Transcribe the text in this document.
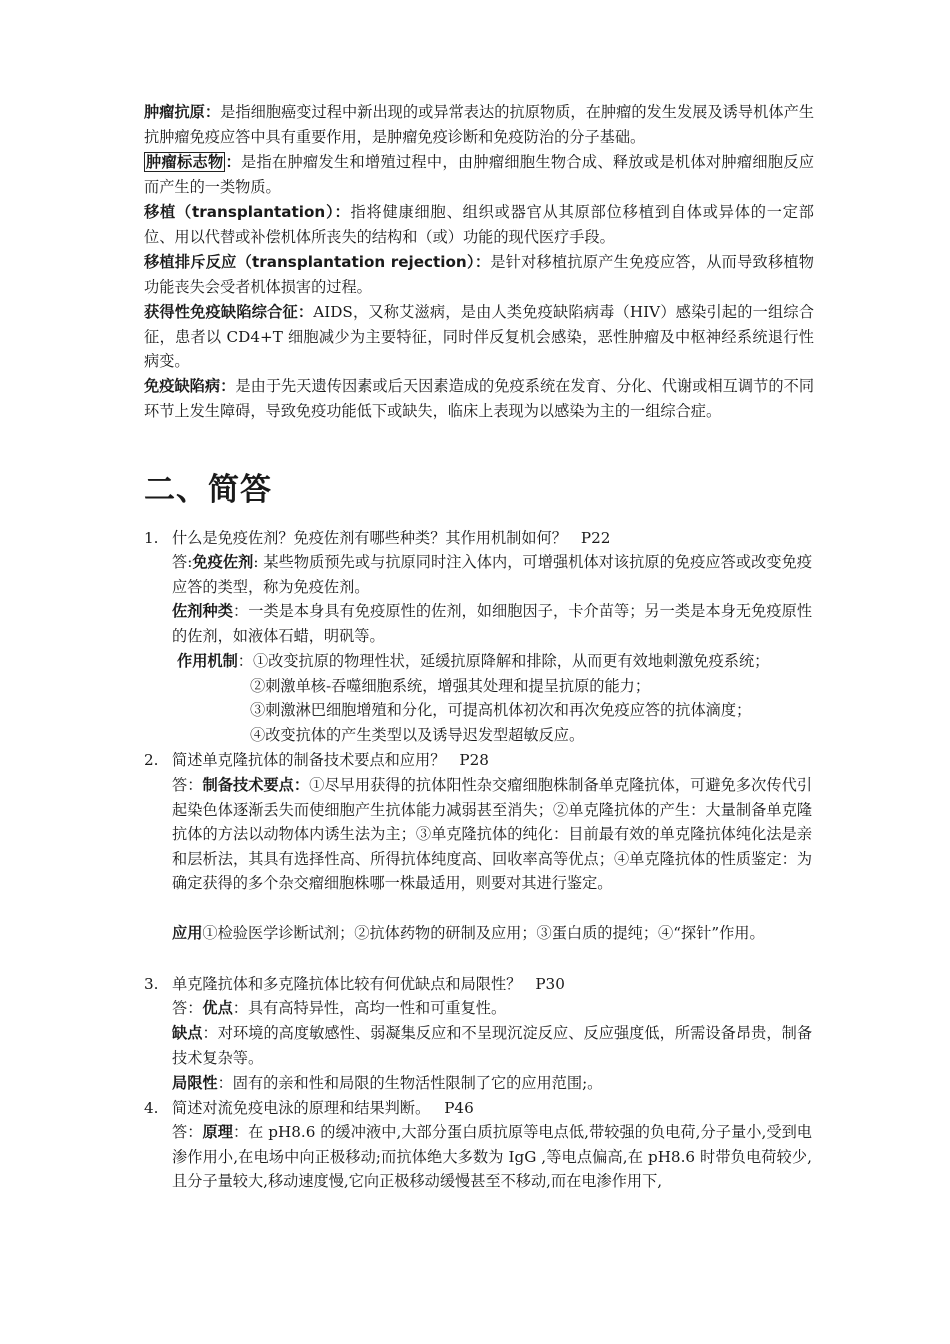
肿瘤抗原：是指细胞癌变过程中新出现的或异常表达的抗原物质，在肿瘤的发生发展及诱导机体产生抗肿瘤免疫应答中具有重要作用，是肿瘤免疫诊断和免疫防治的分子基础。

肿瘤标志物 ：是指在肿瘤发生和增殖过程中，由肿瘤细胞生物合成、释放或是机体对肿瘤细胞反应而产生的一类物质。

移植（transplantation）：指将健康细胞、组织或器官从其原部位移植到自体或异体的一定部位、用以代替或补偿机体所丧失的结构和（或）功能的现代医疗手段。

移植排斥反应（transplantation rejection）：是针对移植抗原产生免疫应答，从而导致移植物功能丧失会受者机体损害的过程。

获得性免疫缺陷综合征：AIDS，又称艾滋病，是由人类免疫缺陷病毒（HIV）感染引起的一组综合征，患者以 CD4+T 细胞减少为主要特征，同时伴反复机会感染，恶性肿瘤及中枢神经系统退行性病变。

免疫缺陷病：是由于先天遗传因素或后天因素造成的免疫系统在发育、分化、代谢或相互调节的不同环节上发生障碍，导致免疫功能低下或缺失，临床上表现为以感染为主的一组综合症。

二、简答

1. 什么是免疫佐剂？免疫佐剂有哪些种类？其作用机制如何？ P22

答:免疫佐剂: 某些物质预先或与抗原同时注入体内，可增强机体对该抗原的免疫应答或改变免疫应答的类型，称为免疫佐剂。

佐剂种类：一类是本身具有免疫原性的佐剂，如细胞因子，卡介苗等；另一类是本身无免疫原性的佐剂，如液体石蜡，明矾等。

作用机制：①改变抗原的物理性状，延缓抗原降解和排除，从而更有效地刺激免疫系统；

②刺激单核-吞噬细胞系统，增强其处理和提呈抗原的能力；

③刺激淋巴细胞增殖和分化，可提高机体初次和再次免疫应答的抗体滴度；

④改变抗体的产生类型以及诱导迟发型超敏反应。

2. 简述单克隆抗体的制备技术要点和应用？ P28

答：制备技术要点：①尽早用获得的抗体阳性杂交瘤细胞株制备单克隆抗体，可避免多次传代引起染色体逐渐丢失而使细胞产生抗体能力减弱甚至消失；②单克隆抗体的产生：大量制备单克隆抗体的方法以动物体内诱生法为主；③单克隆抗体的纯化：目前最有效的单克隆抗体纯化法是亲和层析法，其具有选择性高、所得抗体纯度高、回收率高等优点；④单克隆抗体的性质鉴定：为确定获得的多个杂交瘤细胞株哪一株最适用，则要对其进行鉴定。

应用①检验医学诊断试剂；②抗体药物的研制及应用；③蛋白质的提纯；④“探针”作用。

3. 单克隆抗体和多克隆抗体比较有何优缺点和局限性？ P30

答：优点：具有高特异性，高均一性和可重复性。

缺点：对环境的高度敏感性、弱凝集反应和不呈现沉淀反应、反应强度低，所需设备昂贵，制备技术复杂等。

局限性：固有的亲和性和局限的生物活性限制了它的应用范围;。

4. 简述对流免疫电泳的原理和结果判断。 P46

答：原理：在 pH8.6 的缓冲液中,大部分蛋白质抗原等电点低,带较强的负电荷,分子量小,受到电渗作用小,在电场中向正极移动;而抗体绝大多数为 IgG ,等电点偏高,在 pH8.6 时带负电荷较少,且分子量较大,移动速度慢,它向正极移动缓慢甚至不移动,而在电渗作用下,
